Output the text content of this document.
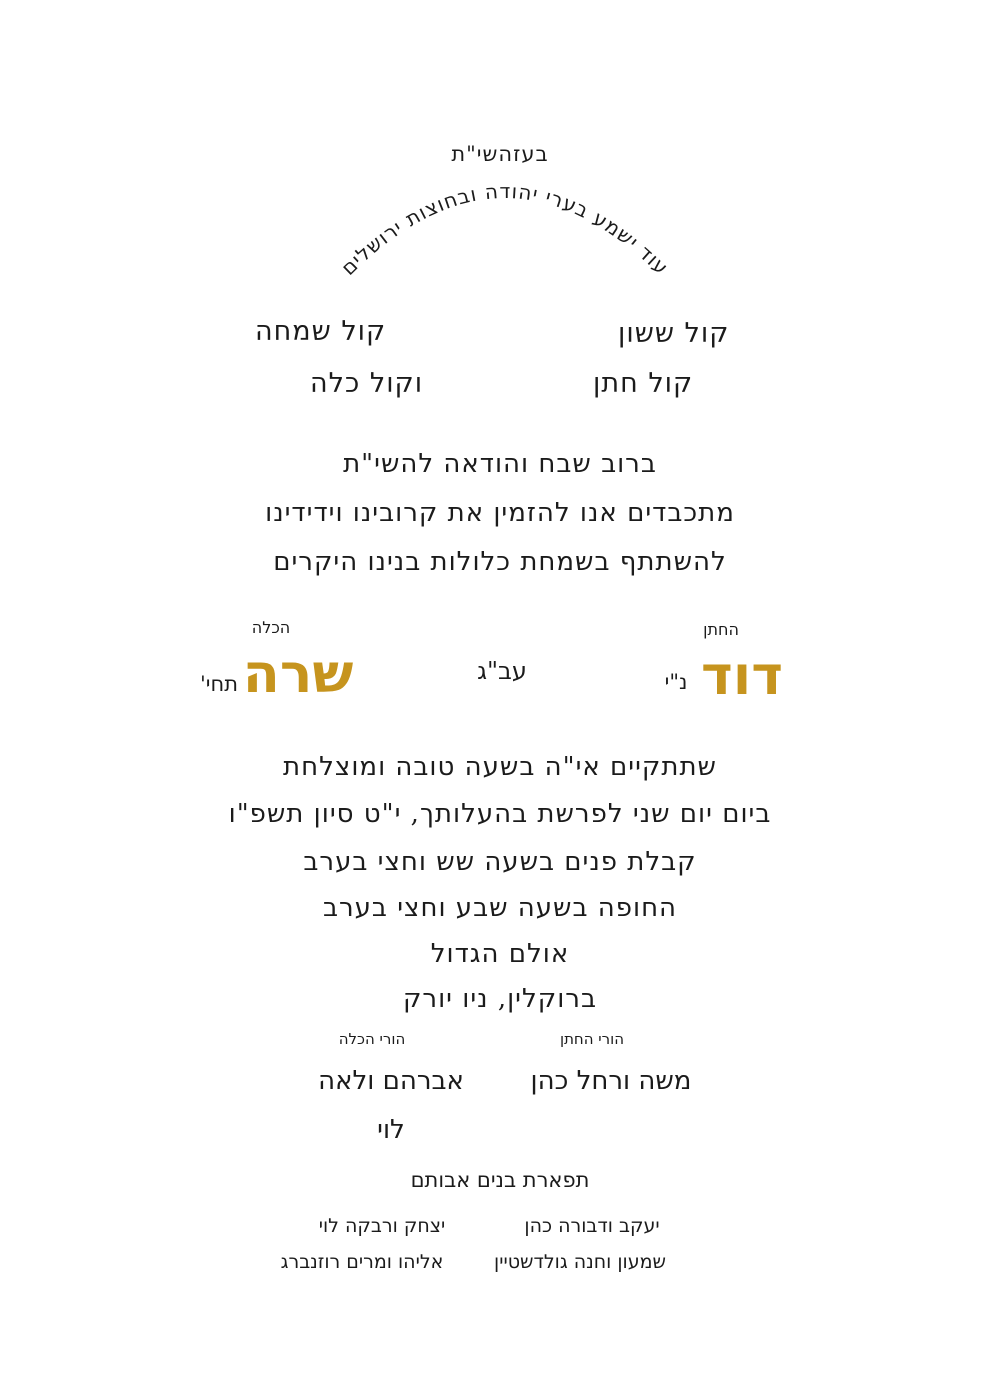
בעזהשי"ת
עוד ישמע בערי יהודה ובחוצות ירושלים
קול ששון
קול שמחה
קול חתן
וקול כלה
ברוב שבח והודאה להשי"ת
מתכבדים אנו להזמין את קרובינו וידידינו
להשתתף בשמחת כלולות בנינו היקרים
החתן
דוד
נ"י
עב"ג
הכלה
שרה
תחי'
שתתקיים אי"ה בשעה טובה ומוצלחת
ביום יום שני לפרשת בהעלותך, י"ט סיון תשפ"ו
קבלת פנים בשעה שש וחצי בערב
החופה בשעה שבע וחצי בערב
אולם הגדול
ברוקלין, ניו יורק
הורי החתן
משה ורחל כהן
הורי הכלה
אברהם ולאה
לוי
תפארת בנים אבותם
יעקב ודבורה כהן
שמעון וחנה גולדשטיין
יצחק ורבקה לוי
אליהו ומרים רוזנברג
